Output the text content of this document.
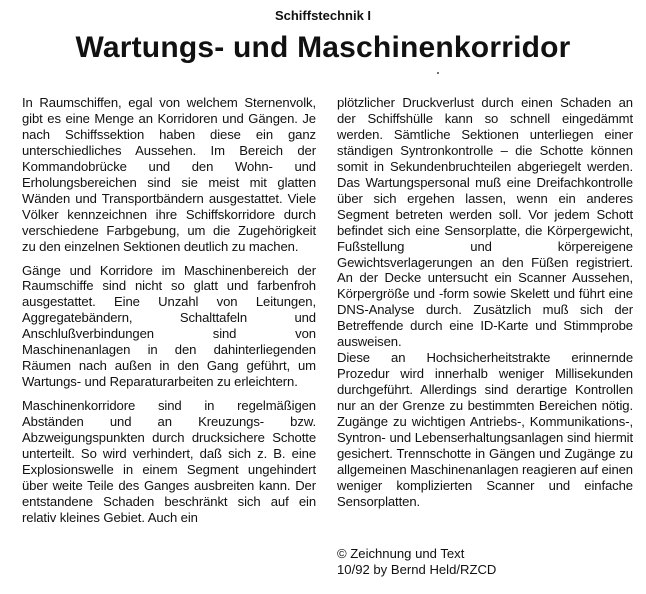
Schiffstechnik I
Wartungs- und Maschinenkorridor

In Raumschiffen, egal von welchem Sternenvolk, gibt es eine Menge an Korridoren und Gängen. Je nach Schiffssektion haben diese ein ganz unterschiedliches Aussehen. Im Bereich der Kommandobrücke und den Wohn- und Erholungsbereichen sind sie meist mit glatten Wänden und Transportbändern ausgestattet. Viele Völker kennzeichnen ihre Schiffskorridore durch verschiedene Farbgebung, um die Zugehörigkeit zu den einzelnen Sektionen deutlich zu machen.

Gänge und Korridore im Maschinenbereich der Raumschiffe sind nicht so glatt und farbenfroh ausgestattet. Eine Unzahl von Leitungen, Aggregatebändern, Schalttafeln und Anschlußverbindungen sind von Maschinenanlagen in den dahinterliegenden Räumen nach außen in den Gang geführt, um Wartungs- und Reparaturarbeiten zu erleichtern.

Maschinenkorridore sind in regelmäßigen Abständen und an Kreuzungs- bzw. Abzweigungspunkten durch drucksichere Schotte unterteilt. So wird verhindert, daß sich z. B. eine Explosionswelle in einem Segment ungehindert über weite Teile des Ganges ausbreiten kann. Der entstandene Schaden beschränkt sich auf ein relativ kleines Gebiet. Auch ein

plötzlicher Druckverlust durch einen Schaden an der Schiffshülle kann so schnell eingedämmt werden. Sämtliche Sektionen unterliegen einer ständigen Syntronkontrolle – die Schotte können somit in Sekundenbruchteilen abgeriegelt werden. Das Wartungspersonal muß eine Dreifachkontrolle über sich ergehen lassen, wenn ein anderes Segment betreten werden soll. Vor jedem Schott befindet sich eine Sensorplatte, die Körpergewicht, Fußstellung und körpereigene Gewichtsverlagerungen an den Füßen registriert. An der Decke untersucht ein Scanner Aussehen, Körpergröße und -form sowie Skelett und führt eine DNS-Analyse durch. Zusätzlich muß sich der Betreffende durch eine ID-Karte und Stimmprobe ausweisen.

Diese an Hochsicherheitstrakte erinnernde Prozedur wird innerhalb weniger Millisekunden durchgeführt. Allerdings sind derartige Kontrollen nur an der Grenze zu bestimmten Bereichen nötig. Zugänge zu wichtigen Antriebs-, Kommunikations-, Syntron- und Lebenserhaltungsanlagen sind hiermit gesichert. Trennschotte in Gängen und Zugänge zu allgemeinen Maschinenanlagen reagieren auf einen weniger komplizierten Scanner und einfache Sensorplatten.

© Zeichnung und Text
10/92 by Bernd Held/RZCD
